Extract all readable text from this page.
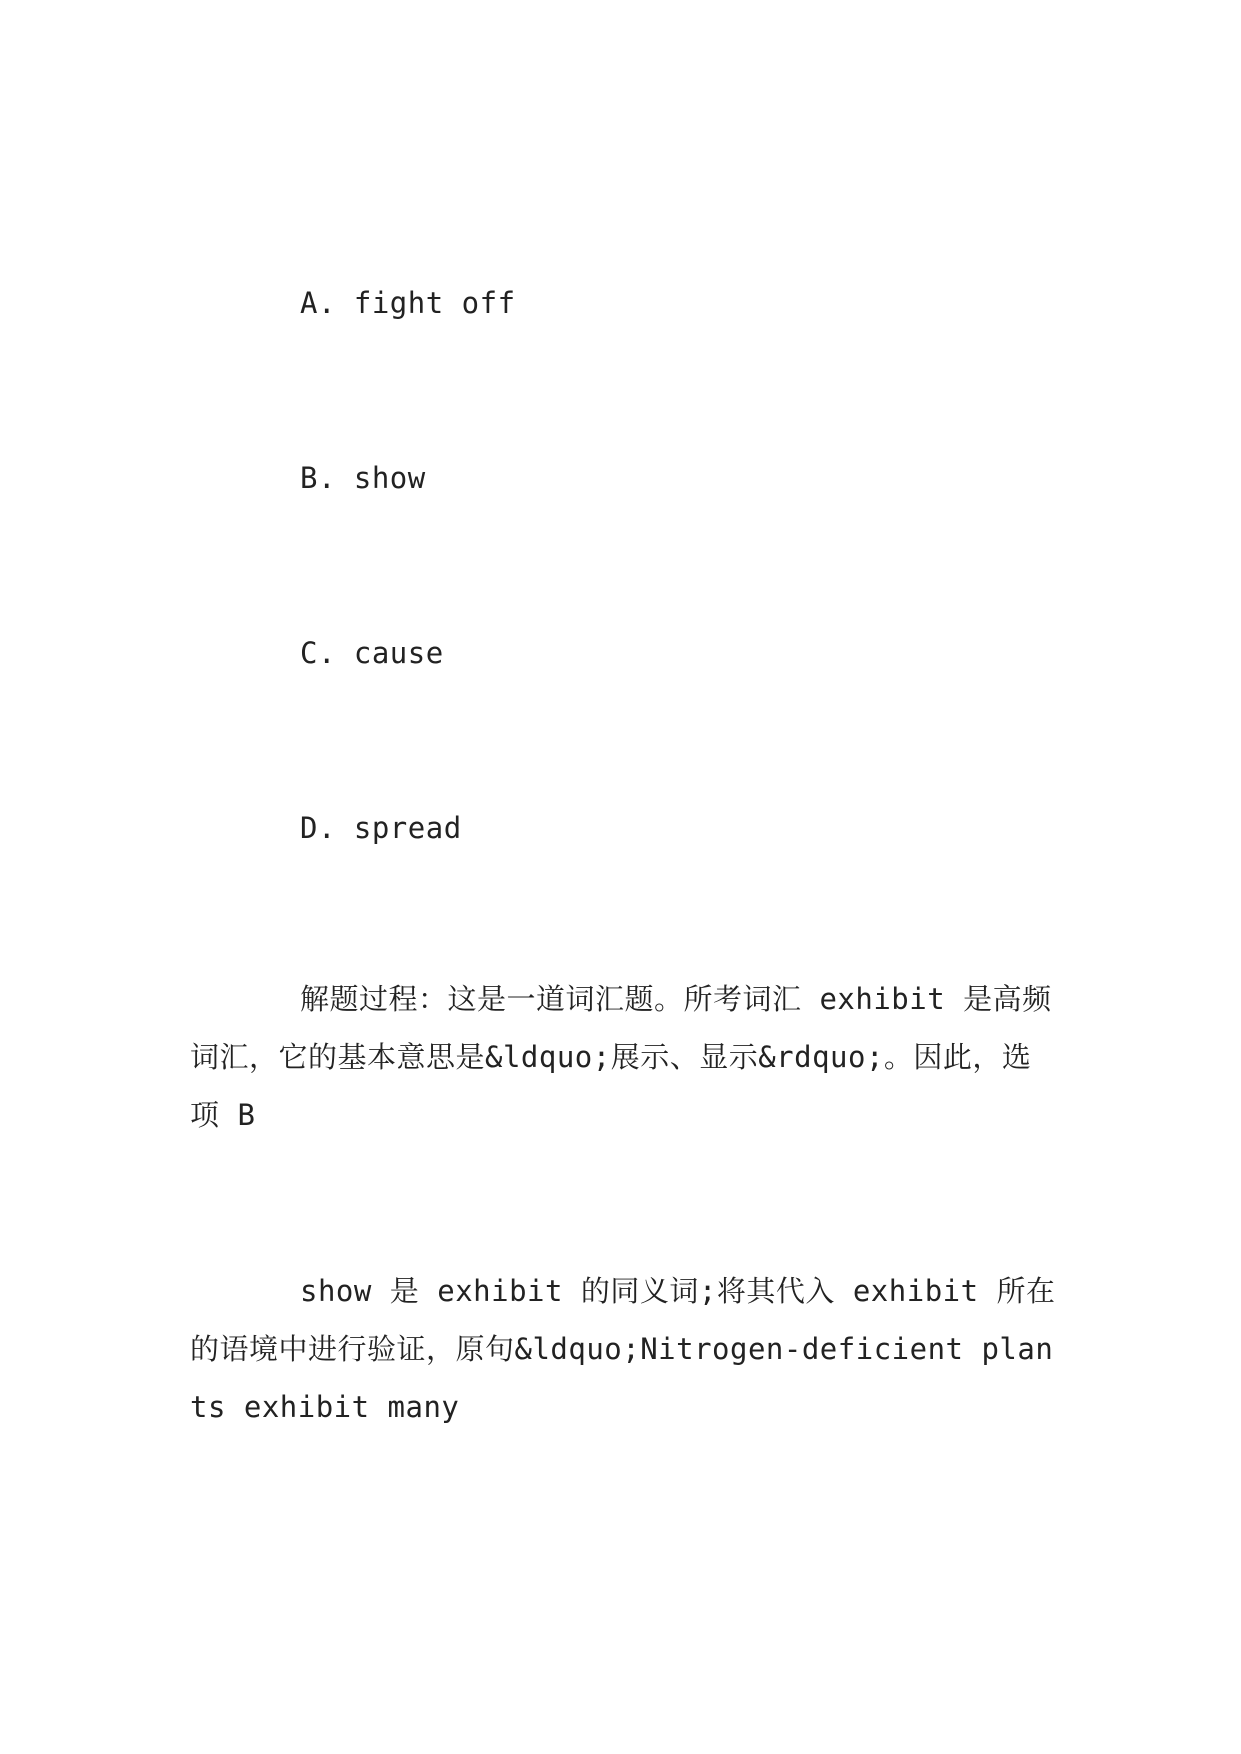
A. fight off
B. show
C. cause
D. spread
解题过程：这是一道词汇题。所考词汇 exhibit 是高频词汇，它的基本意思是&ldquo;展示、显示&rdquo;。因此，选项 B
show 是 exhibit 的同义词;将其代入 exhibit 所在的语境中进行验证，原句&ldquo;Nitrogen-deficient plants exhibit many
